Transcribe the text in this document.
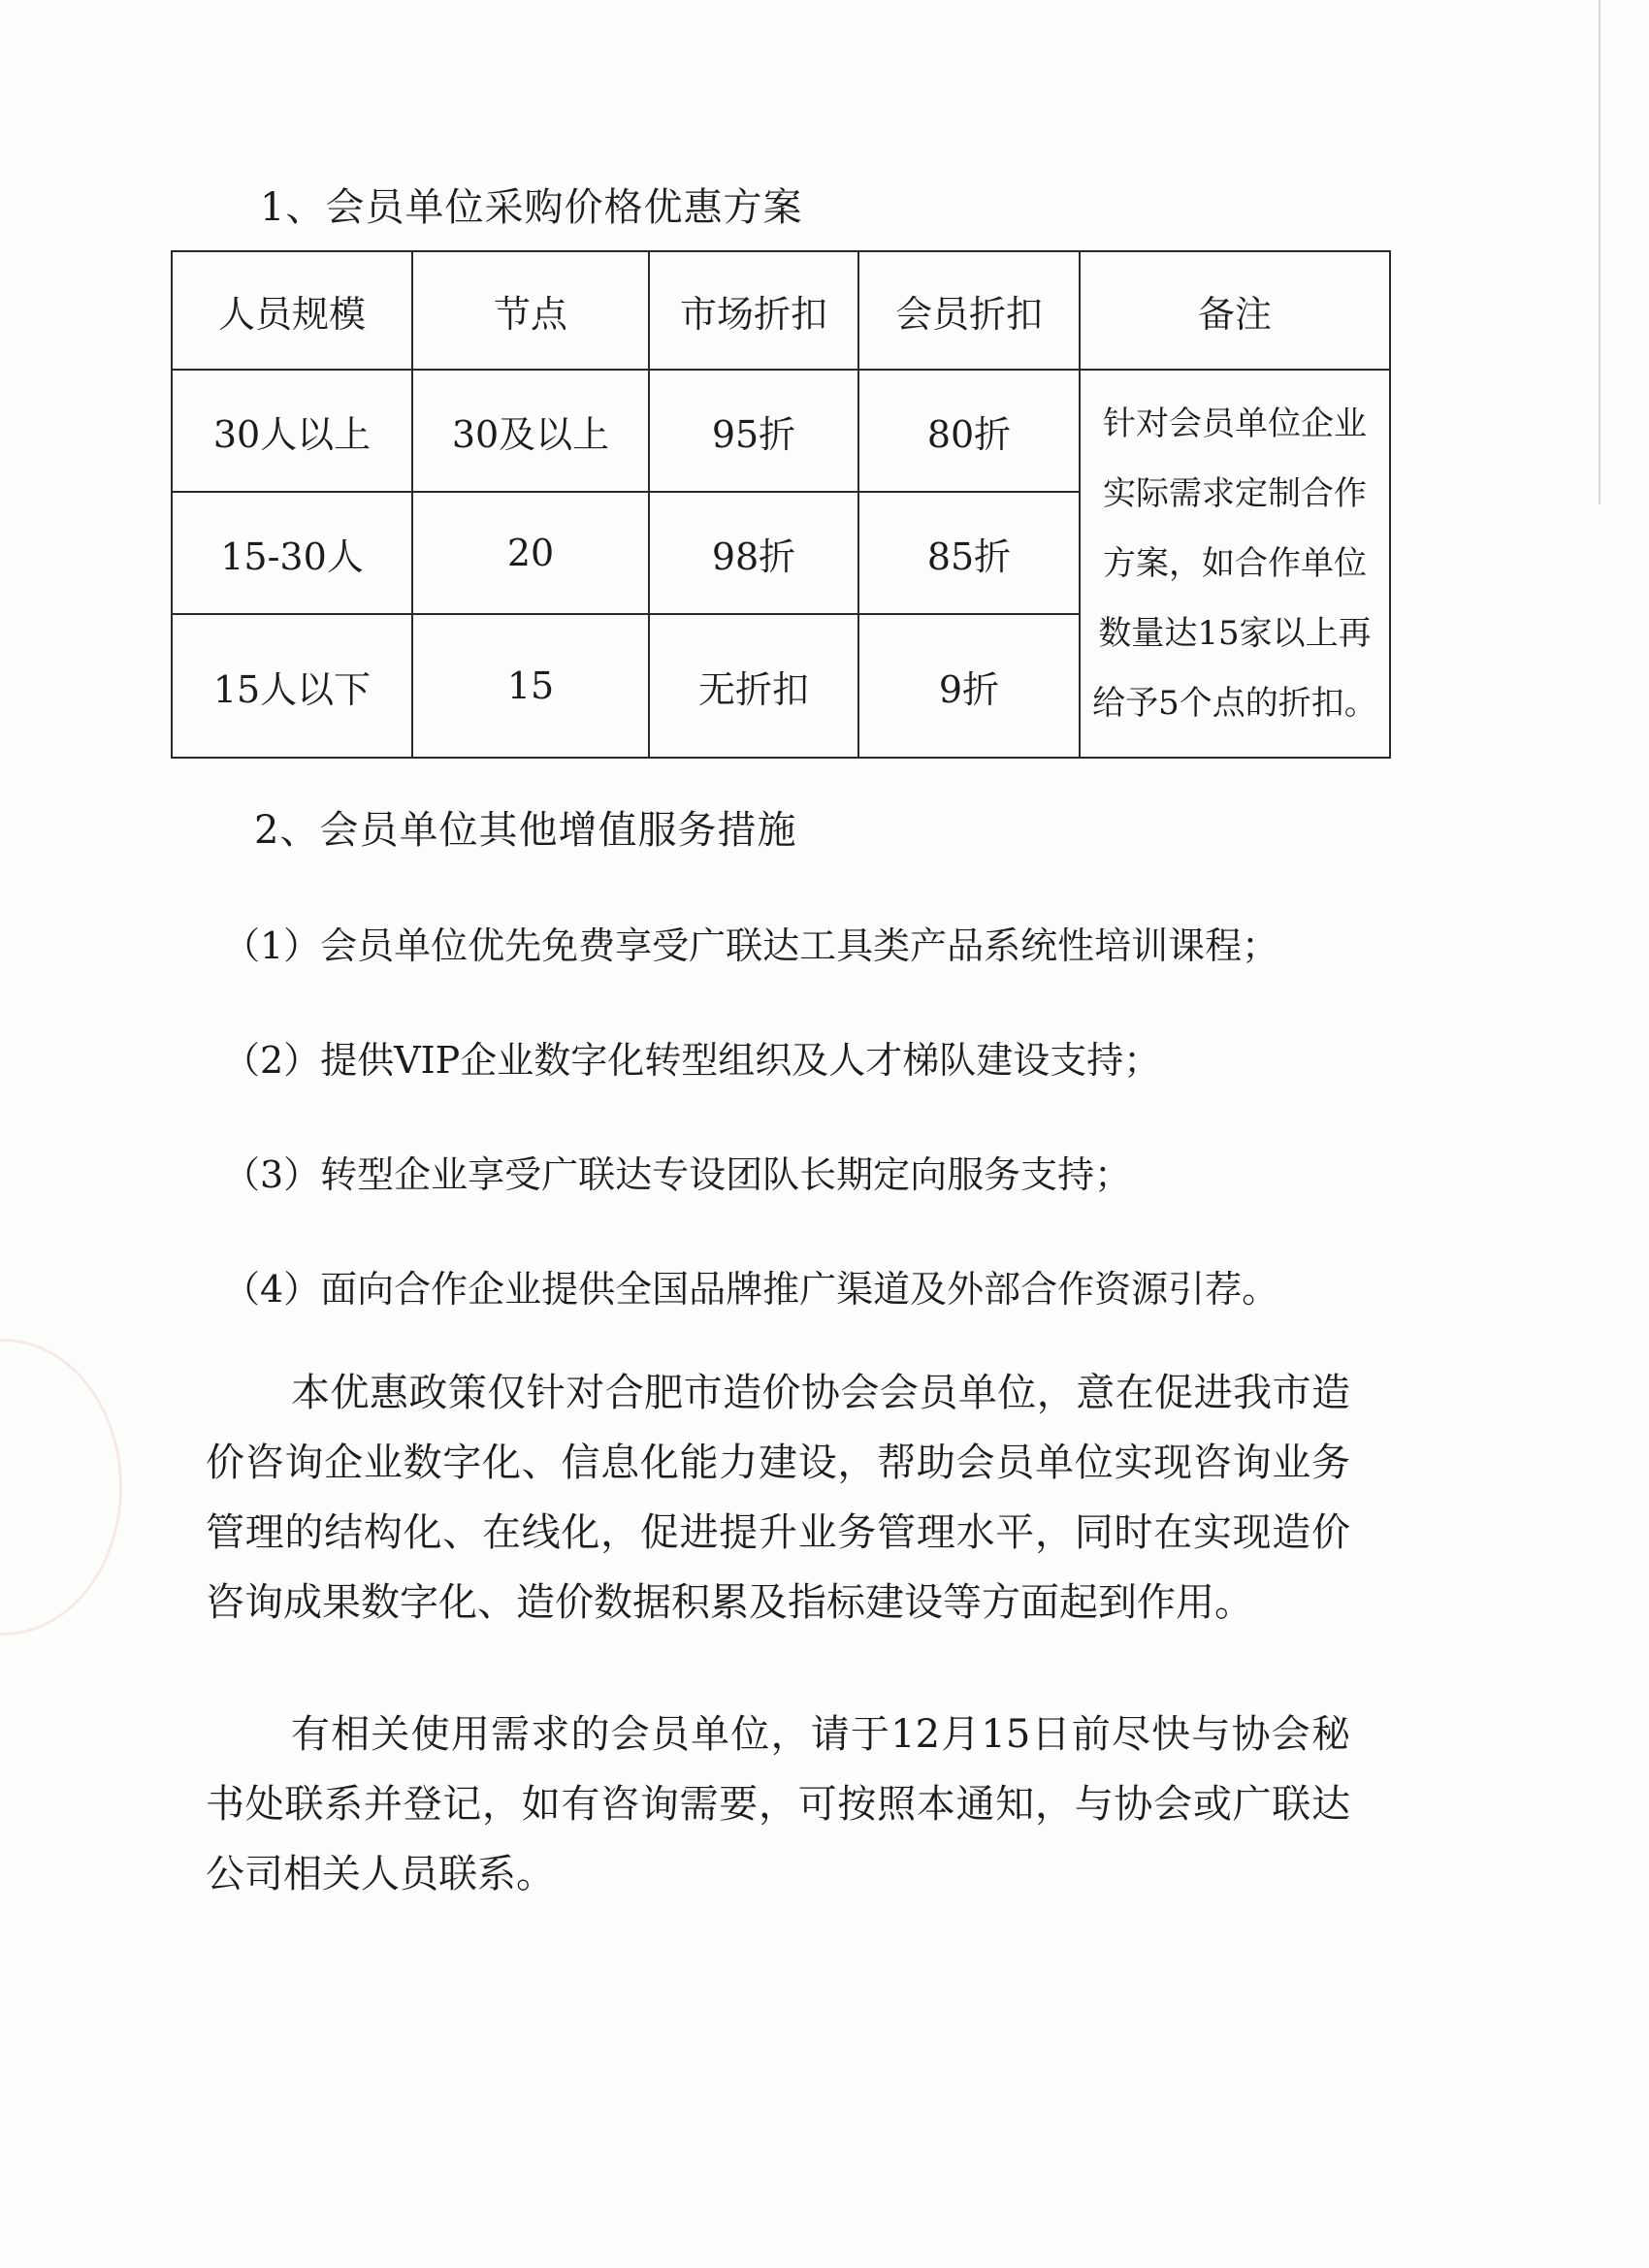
1、会员单位采购价格优惠方案
人员规模	节点	市场折扣	会员折扣	备注
30人以上	30及以上	95折	80折	针对会员单位企业实际需求定制合作方案，如合作单位数量达15家以上再给予5个点的折扣。
15-30人	20	98折	85折	
15人以下	15	无折扣	9折	
2、会员单位其他增值服务措施
（1）会员单位优先免费享受广联达工具类产品系统性培训课程；
（2）提供VIP企业数字化转型组织及人才梯队建设支持；
（3）转型企业享受广联达专设团队长期定向服务支持；
（4）面向合作企业提供全国品牌推广渠道及外部合作资源引荐。
本优惠政策仅针对合肥市造价协会会员单位，意在促进我市造价咨询企业数字化、信息化能力建设，帮助会员单位实现咨询业务管理的结构化、在线化，促进提升业务管理水平，同时在实现造价咨询成果数字化、造价数据积累及指标建设等方面起到作用。
有相关使用需求的会员单位，请于12月15日前尽快与协会秘书处联系并登记，如有咨询需要，可按照本通知，与协会或广联达公司相关人员联系。
